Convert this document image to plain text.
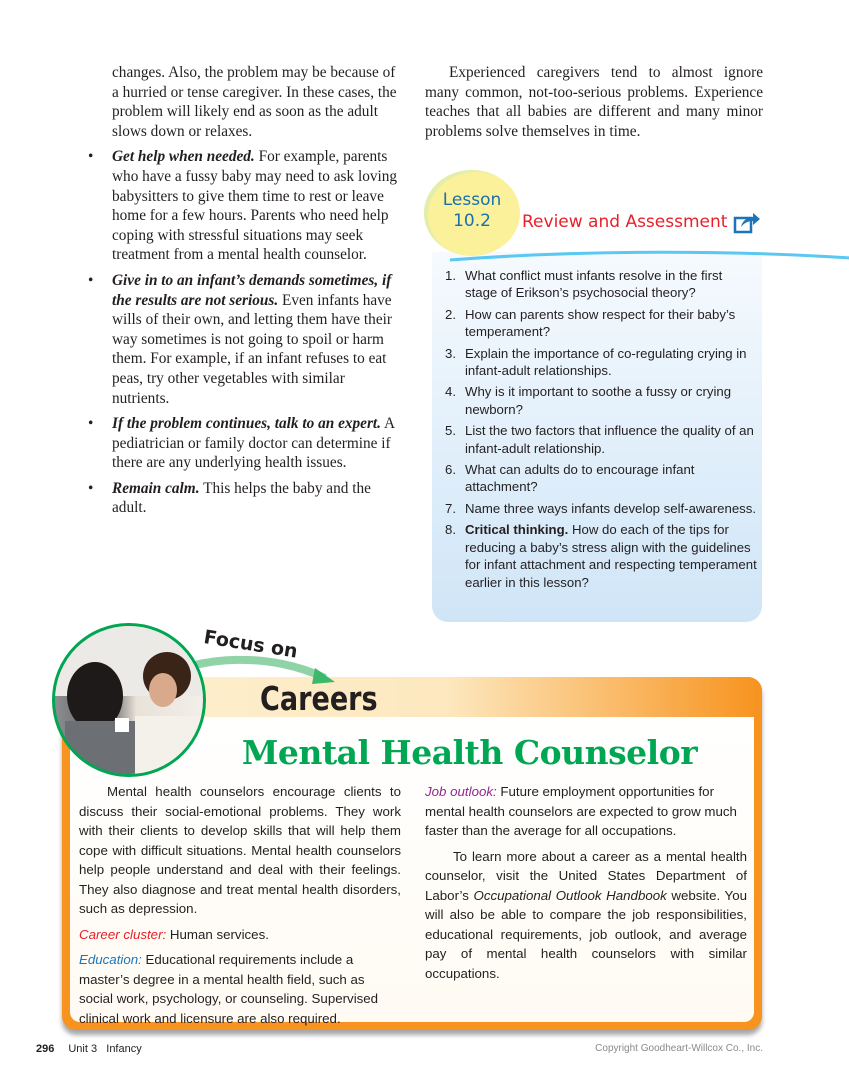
changes. Also, the problem may be because of a hurried or tense caregiver. In these cases, the problem will likely end as soon as the adult slows down or relaxes.

• Get help when needed. For example, parents who have a fussy baby may need to ask loving babysitters to give them time to rest or leave home for a few hours. Parents who need help coping with stressful situations may seek treatment from a mental health counselor.

• Give in to an infant’s demands sometimes, if the results are not serious. Even infants have wills of their own, and letting them have their way sometimes is not going to spoil or harm them. For example, if an infant refuses to eat peas, try other vegetables with similar nutrients.

• If the problem continues, talk to an expert. A pediatrician or family doctor can determine if there are any underlying health issues.

• Remain calm. This helps the baby and the adult.

Experienced caregivers tend to almost ignore many common, not-too-serious problems. Experience teaches that all babies are different and many minor problems solve themselves in time.

Lesson
10.2	Review and Assessment
1. What conflict must infants resolve in the first stage of Erikson’s psychosocial theory?
2. How can parents show respect for their baby’s temperament?
3. Explain the importance of co-regulating crying in infant-adult relationships.
4. Why is it important to soothe a fussy or crying newborn?
5. List the two factors that influence the quality of an infant-adult relationship.
6. What can adults do to encourage infant attachment?
7. Name three ways infants develop self-awareness.
8. Critical thinking. How do each of the tips for reducing a baby’s stress align with the guidelines for infant attachment and respecting temperament earlier in this lesson?
Focus on
Careers
Mental Health Counselor

Mental health counselors encourage clients to discuss their social-emotional problems. They work with their clients to develop skills that will help them cope with difficult situations. Mental health counselors help people understand and deal with their feelings. They also diagnose and treat mental health disorders, such as depression.

Career cluster: Human services.

Education: Educational requirements include a master’s degree in a mental health field, such as social work, psychology, or counseling. Supervised clinical work and licensure are also required.

Job outlook: Future employment opportunities for mental health counselors are expected to grow much faster than the average for all occupations.

To learn more about a career as a mental health counselor, visit the United States Department of Labor’s Occupational Outlook Handbook website. You will also be able to compare the job responsibilities, educational requirements, job outlook, and average pay of mental health counselors with similar occupations.

296 Unit 3   Infancy	Copyright Goodheart-Willcox Co., Inc.
